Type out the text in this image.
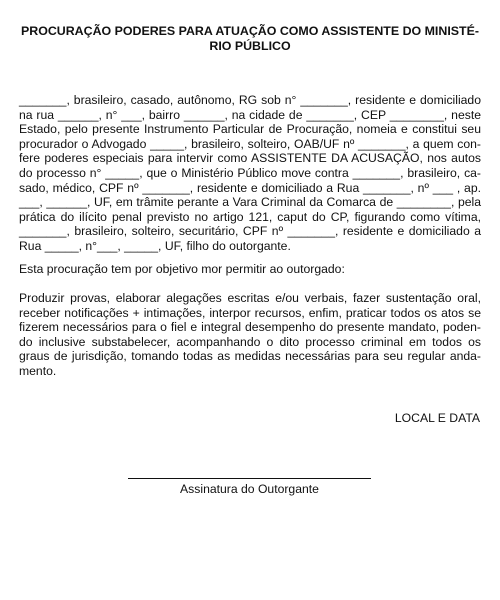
PROCURAÇÃO PODERES PARA ATUAÇÃO COMO ASSISTENTE DO MINISTÉ-
RIO PÚBLICO
_______, brasileiro, casado, autônomo, RG sob n° _______, residente e domiciliado
na rua ______, n° ___, bairro ______, na cidade de _______, CEP ________, neste
Estado, pelo presente Instrumento Particular de Procuração, nomeia e constitui seu
procurador o Advogado _____, brasileiro, solteiro, OAB/UF nº _______, a quem con-
fere poderes especiais para intervir como ASSISTENTE DA ACUSAÇÃO, nos autos
do processo n° _____, que o Ministério Público move contra _______, brasileiro, ca-
sado, médico, CPF nº _______, residente e domiciliado a Rua _______, nº ___ , ap.
___, ______, UF, em trâmite perante a Vara Criminal da Comarca de ________, pela
prática do ilícito penal previsto no artigo 121, caput do CP, figurando como vítima,
_______, brasileiro, solteiro, securitário, CPF nº _______, residente e domiciliado a
Rua _____, n°___, _____, UF, filho do outorgante.
Esta procuração tem por objetivo mor permitir ao outorgado:
Produzir provas, elaborar alegações escritas e/ou verbais, fazer sustentação oral,
receber notificações + intimações, interpor recursos, enfim, praticar todos os atos se
fizerem necessários para o fiel e integral desempenho do presente mandato, poden-
do inclusive substabelecer, acompanhando o dito processo criminal em todos os
graus de jurisdição, tomando todas as medidas necessárias para seu regular anda-
mento.

LOCAL E DATA

Assinatura do Outorgante
